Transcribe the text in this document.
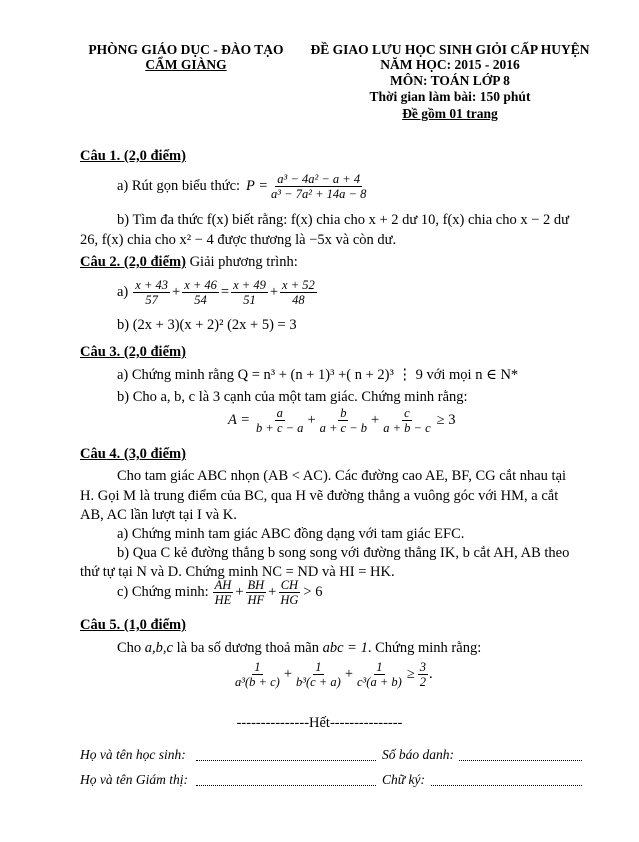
PHÒNG GIÁO DỤC - ĐÀO TẠO
CẨM GIÀNG
ĐỀ GIAO LƯU HỌC SINH GIỎI CẤP HUYỆN
NĂM HỌC: 2015 - 2016
MÔN: TOÁN LỚP 8
Thời gian làm bài: 150 phút
Đề gồm 01 trang
Câu 1. (2,0 điểm)
a) Rút gọn biểu thức: $P = \frac{\text{a³ − 4a² − a + 4}}{\text{a³ − 7a² + 14a − 8}}$
b) Tìm đa thức f(x) biết rằng: f(x) chia cho x + 2 dư 10, f(x) chia cho x − 2 dư
26, f(x) chia cho x² − 4 được thương là −5x và còn dư.
Câu 2. (2,0 điểm) Giải phương trình:
$a) \frac{x + 43}{57} + \frac{x + 46}{54} = \frac{x + 49}{51} + \frac{x + 52}{48}$
b) (2x + 3)(x + 2)² (2x + 5) = 3
Câu 3. (2,0 điểm)
a) Chứng minh rằng Q = n³ + (n + 1)³ +( n + 2)³ ⋮ 9 với mọi n ∈ N*
b) Cho a, b, c là 3 cạnh của một tam giác. Chứng minh rằng:
$A = \frac{a}{b + c - a} + \frac{b}{a + c - b} + \frac{c}{a + b - c} \ge 3$
Câu 4. (3,0 điểm)
Cho tam giác ABC nhọn (AB < AC). Các đường cao AE, BF, CG cắt nhau tại
H. Gọi M là trung điểm của BC, qua H vẽ đường thẳng a vuông góc với HM, a cắt
AB, AC lần lượt tại I và K.
a) Chứng minh tam giác ABC đồng dạng với tam giác EFC.
b) Qua C kẻ đường thẳng b song song với đường thẳng IK, b cắt AH, AB theo
thứ tự tại N và D. Chứng minh NC = ND và HI = HK.
c) Chứng minh: $\frac{AH}{HE} + \frac{BH}{HF} + \frac{CH}{HG} > 6$
Câu 5. (1,0 điểm)
Cho a,b,c là ba số dương thoả mãn abc = 1. Chứng minh rằng:
$\frac{1}{\text{a³(b + c)}} + \frac{1}{\text{b³(c + a)}} + \frac{1}{\text{c³(a + b)}} \ge \frac{3}{2}$ .
---------------Hết---------------
Họ và tên học sinh:	Số báo danh:
Họ và tên Giám thị:	Chữ ký:
